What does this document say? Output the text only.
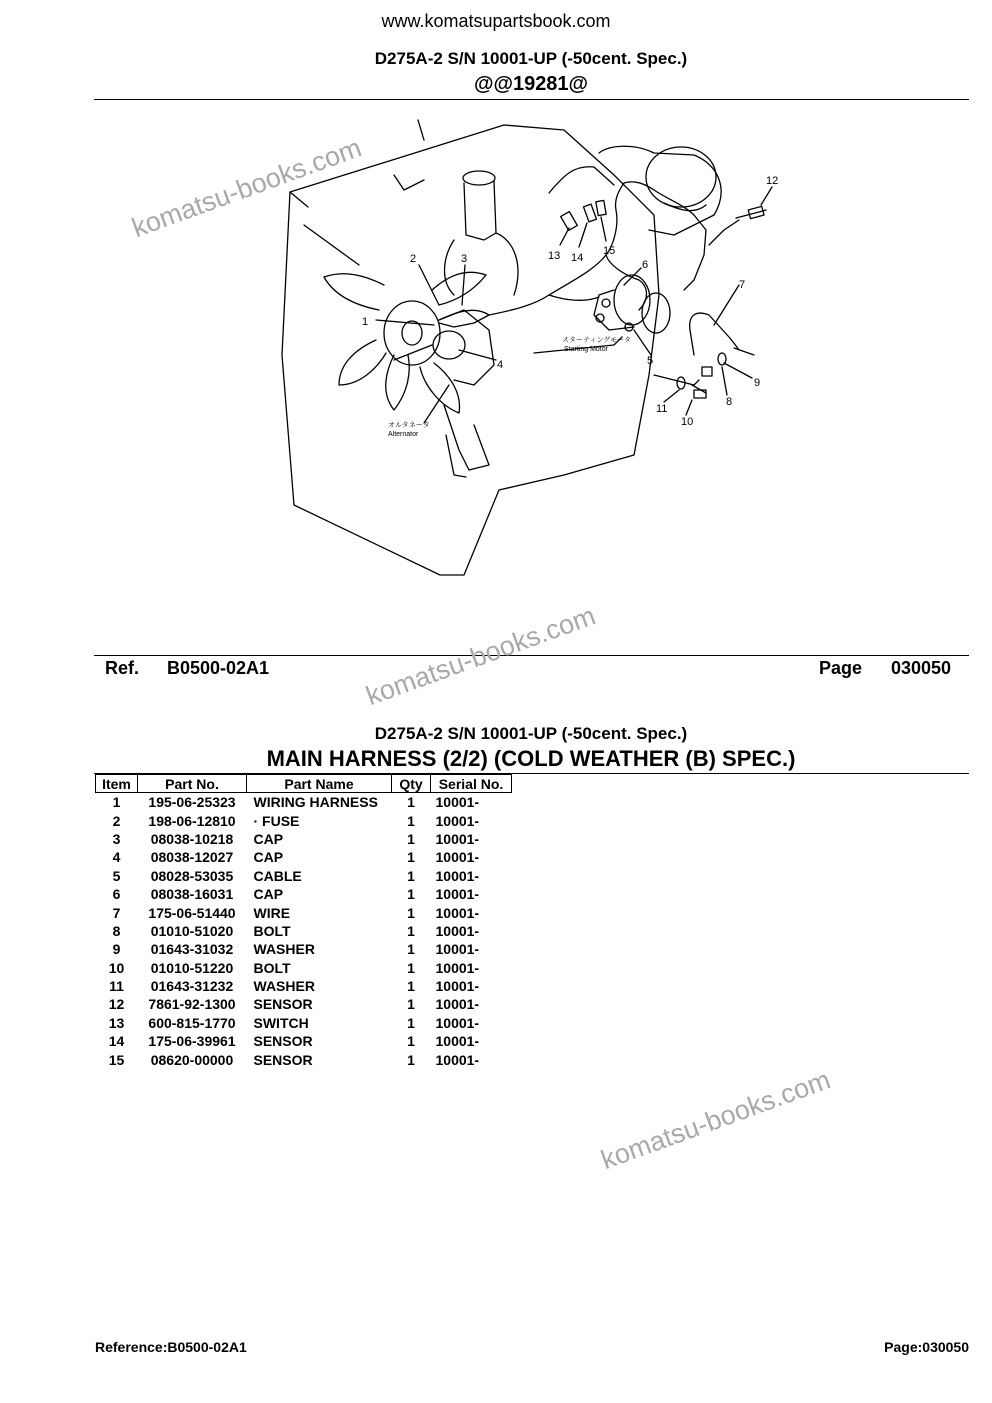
www.komatsupartsbook.com
D275A-2 S/N 10001-UP (-50cent. Spec.)
@@19281@
1
2	3
4	5
6
7
8
9
10
11
12
13 14
15
スターティングモータ
Starting Motor
オルタネータ
Alternator
Ref. B0500-02A1	Page 030050
D275A-2 S/N 10001-UP (-50cent. Spec.)
MAIN HARNESS (2/2) (COLD WEATHER (B) SPEC.)
Item	Part No.	Part Name	Qty	Serial No.
1	195-06-25323	WIRING HARNESS	1	10001-
2	198-06-12810	· FUSE	1	10001-
3	08038-10218	CAP	1	10001-
4	08038-12027	CAP	1	10001-
5	08028-53035	CABLE	1	10001-
6	08038-16031	CAP	1	10001-
7	175-06-51440	WIRE	1	10001-
8	01010-51020	BOLT	1	10001-
9	01643-31032	WASHER	1	10001-
10	01010-51220	BOLT	1	10001-
11	01643-31232	WASHER	1	10001-
12	7861-92-1300	SENSOR	1	10001-
13	600-815-1770	SWITCH	1	10001-
14	175-06-39961	SENSOR	1	10001-
15	08620-00000	SENSOR	1	10001-
komatsu-books.com
komatsu-books.com
komatsu-books.com
Reference:B0500-02A1	Page:030050
